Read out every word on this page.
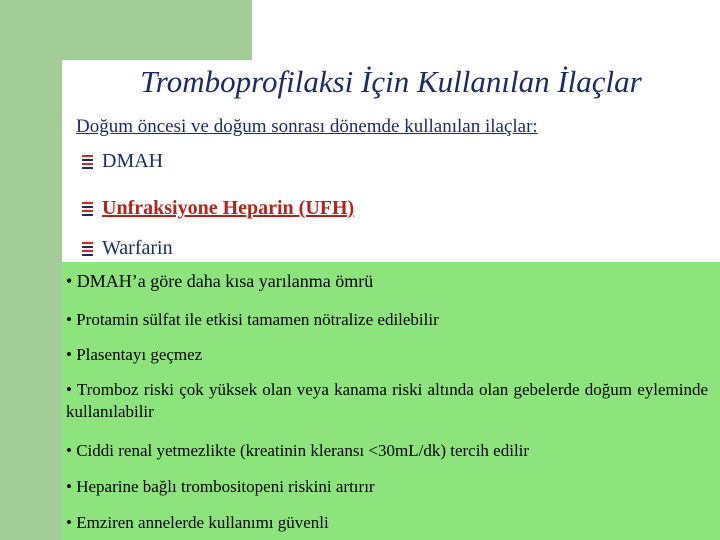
Tromboprofilaksi İçin Kullanılan İlaçlar
Doğum öncesi ve doğum sonrası dönemde kullanılan ilaçlar:
DMAH
Unfraksiyone Heparin (UFH)
Warfarin
• DMAH’a göre daha kısa yarılanma ömrü
• Protamin sülfat ile etkisi tamamen nötralize edilebilir
• Plasentayı geçmez
• Tromboz riski çok yüksek olan veya kanama riski altında olan gebelerde doğum eyleminde kullanılabilir
• Ciddi renal yetmezlikte (kreatinin kleransı <30mL/dk) tercih edilir
• Heparine bağlı trombositopeni riskini artırır
• Emziren annelerde kullanımı güvenli
